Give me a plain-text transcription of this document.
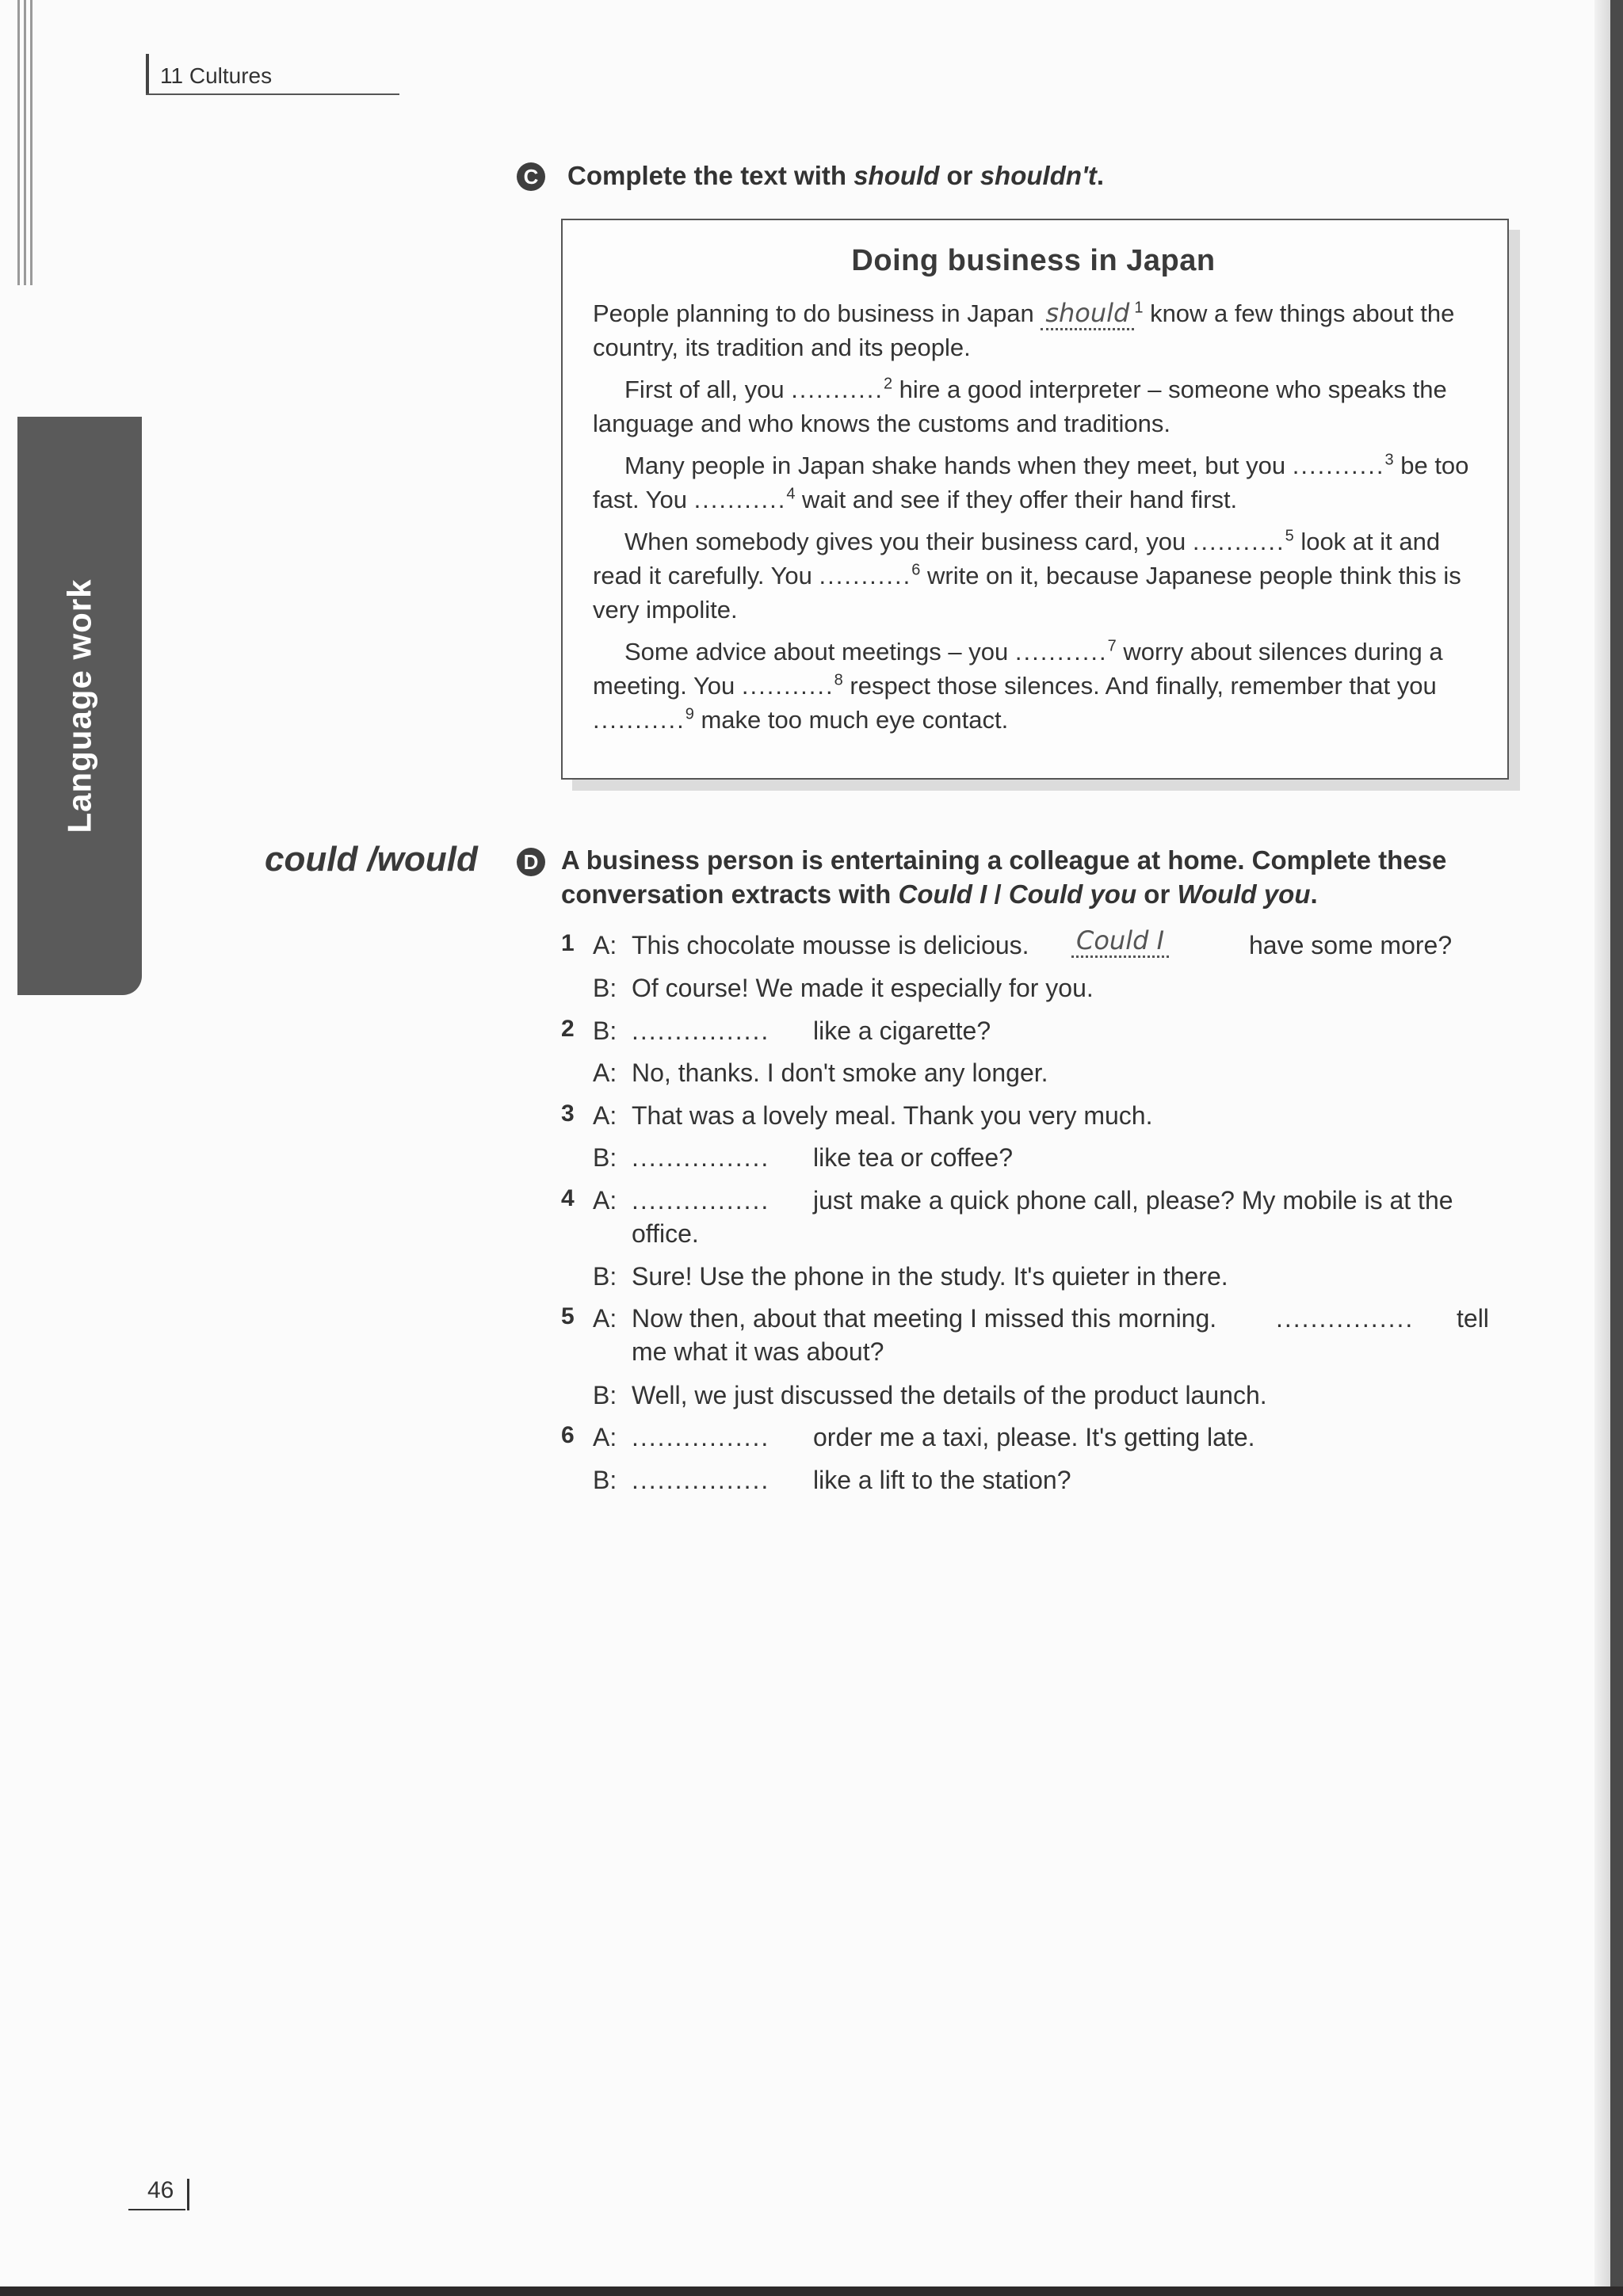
11 Cultures
Language work
C Complete the text with should or shouldn't.
Doing business in Japan

People planning to do business in Japan should $^1$ know a few things about the country, its tradition and its people.

First of all, you ...........$^2$ hire a good interpreter – someone who speaks the language and who knows the customs and traditions.

Many people in Japan shake hands when they meet, but you ...........$^3$ be too fast. You ...........$^4$ wait and see if they offer their hand first.

When somebody gives you their business card, you ...........$^5$ look at it and read it carefully. You ...........$^6$ write on it, because Japanese people think this is very impolite.

Some advice about meetings – you ...........$^7$ worry about silences during a meeting. You ...........$^8$ respect those silences. And finally, remember that you ...........$^9$ make too much eye contact.

could /would	D A business person is entertaining a colleague at home. Complete these
conversation extracts with Could I / Could you or Would you.
1 A: This chocolate mousse is delicious. Could I	have some more?
B: Of course! We made it especially for you.
2 B: ................ like a cigarette?
A: No, thanks. I don't smoke any longer.
3 A: That was a lovely meal. Thank you very much.
B: ................ like tea or coffee?
4 A: ................ just make a quick phone call, please? My mobile is at the
office.
B: Sure! Use the phone in the study. It's quieter in there.
5 A: Now then, about that meeting I missed this morning. ................ tell
me what it was about?
B: Well, we just discussed the details of the product launch.
6 A: ................ order me a taxi, please. It's getting late.
B: ................ like a lift to the station?
46
